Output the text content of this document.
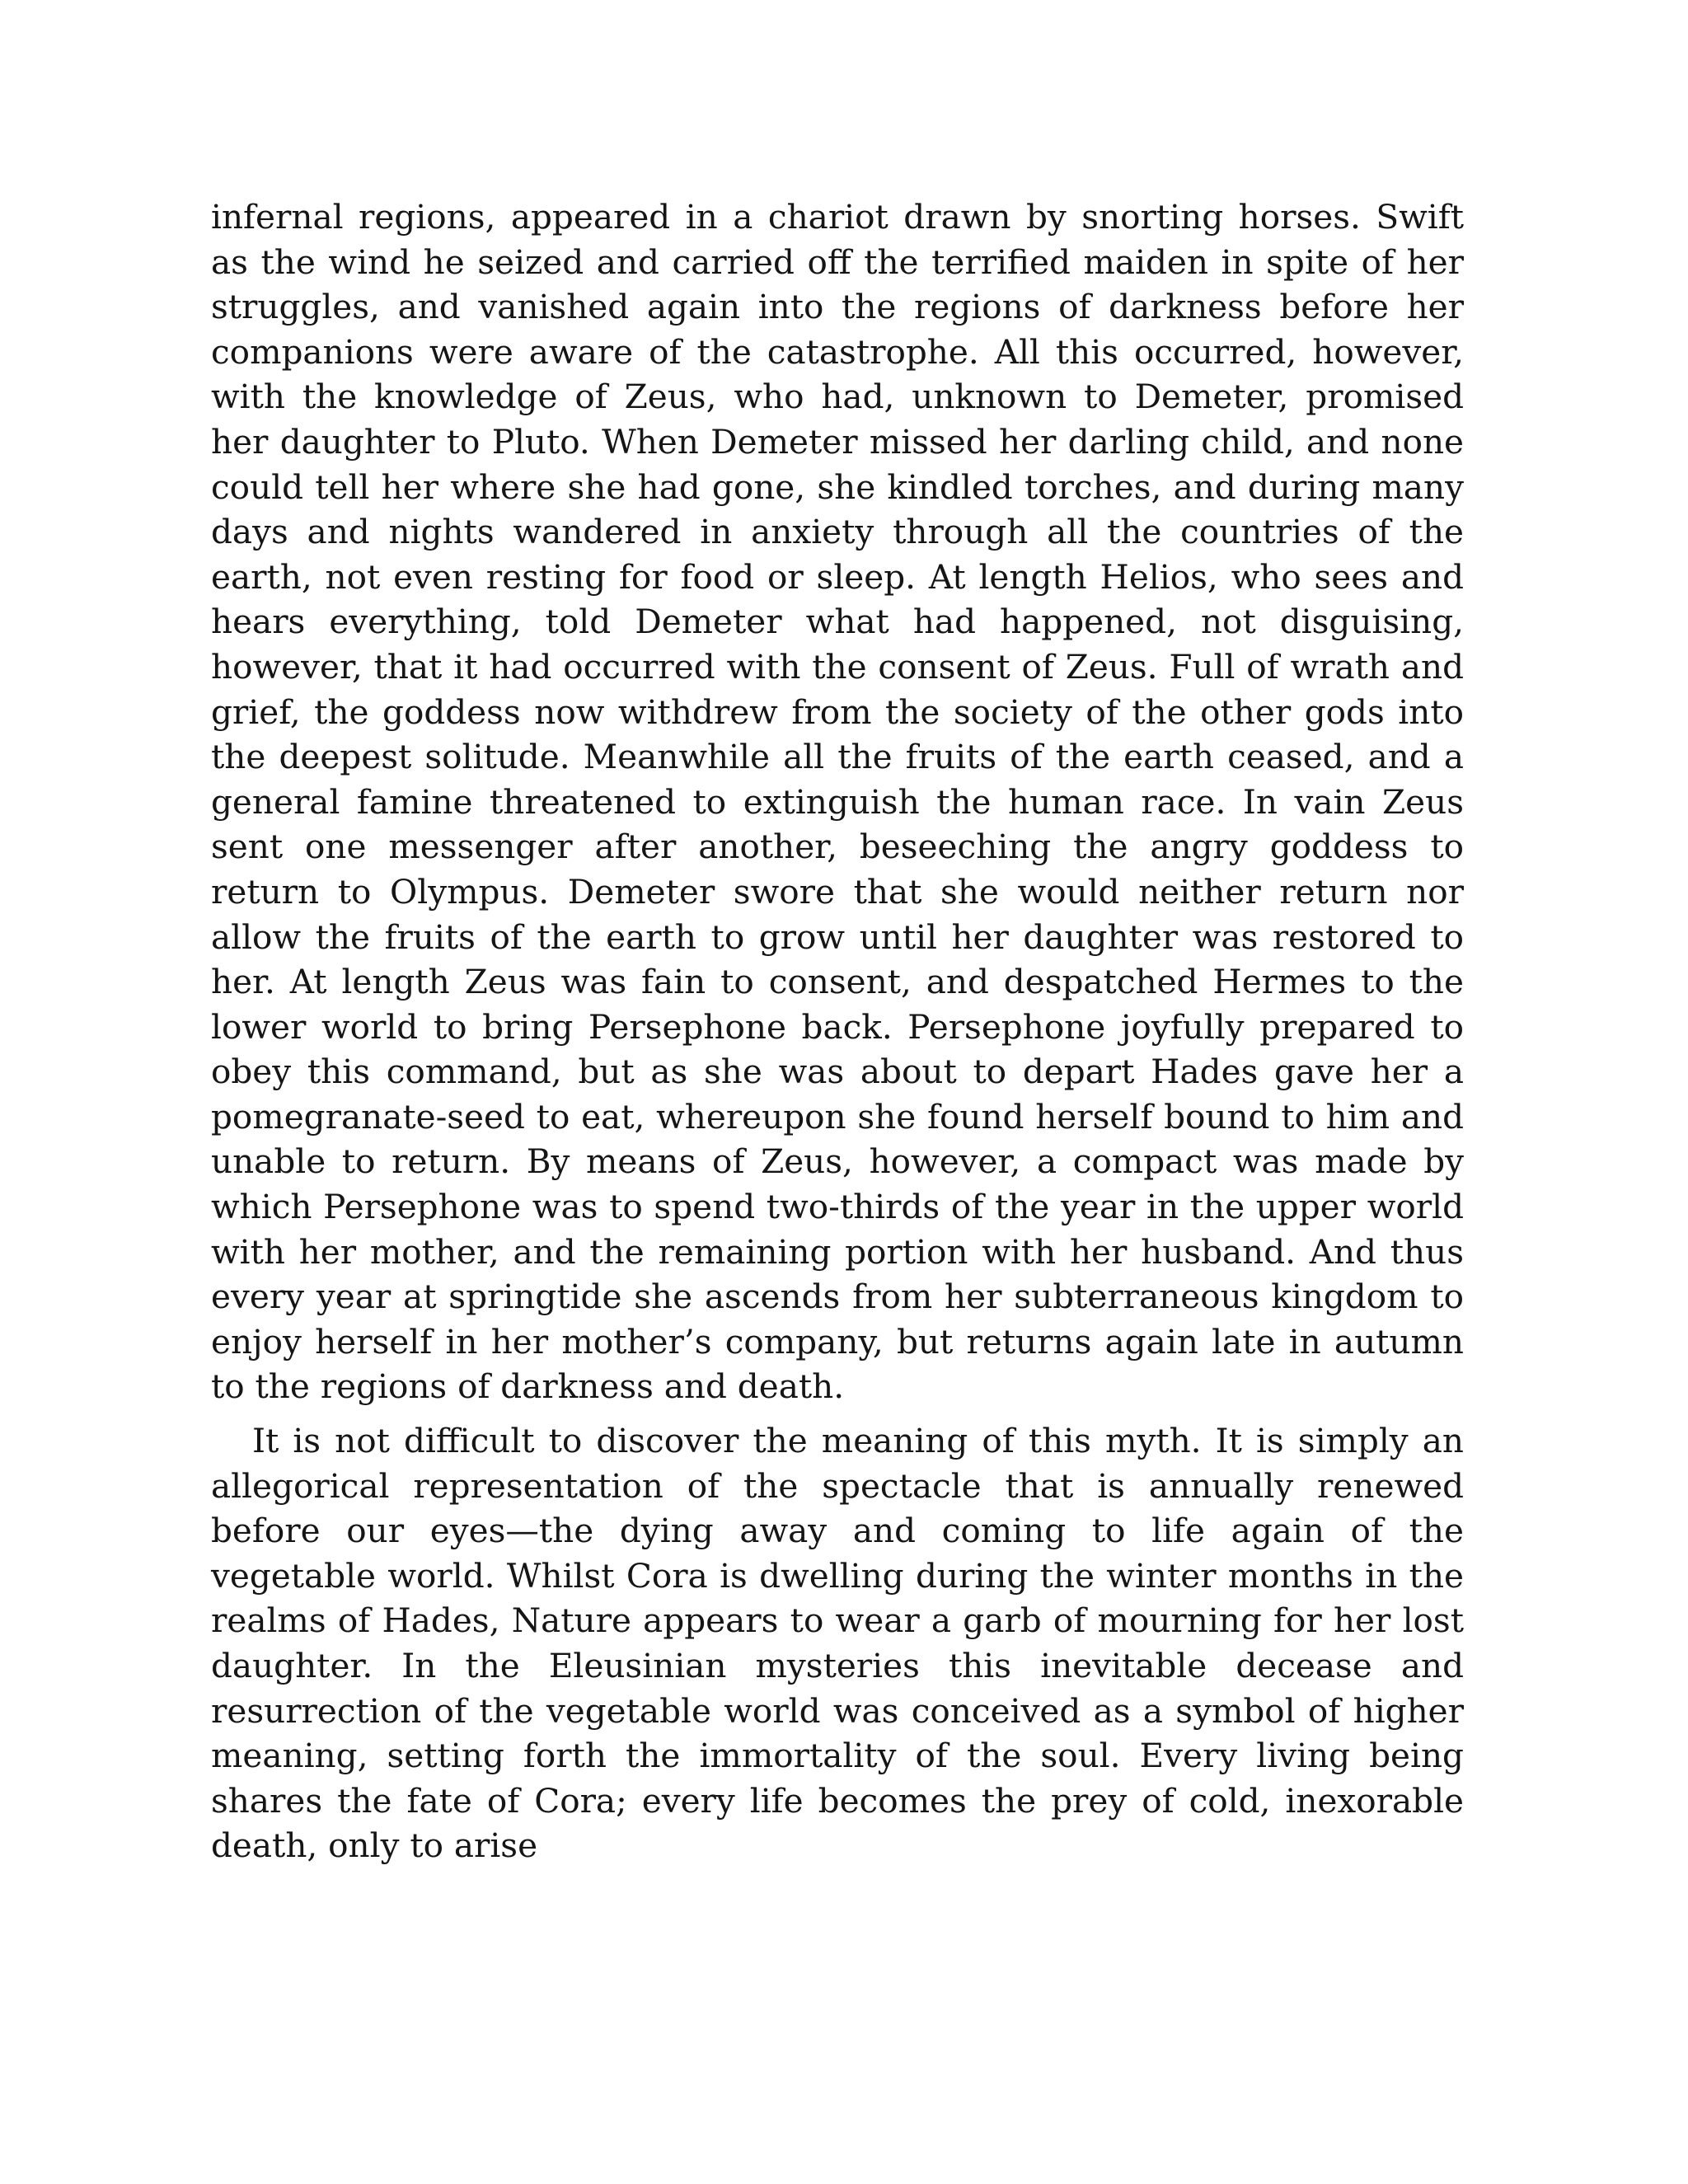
infernal regions, appeared in a chariot drawn by snorting horses. Swift as the wind he seized and carried off the terrified maiden in spite of her struggles, and vanished again into the regions of darkness before her companions were aware of the catastrophe. All this occurred, however, with the knowledge of Zeus, who had, unknown to Demeter, promised her daughter to Pluto. When Demeter missed her darling child, and none could tell her where she had gone, she kindled torches, and during many days and nights wandered in anxiety through all the countries of the earth, not even resting for food or sleep. At length Helios, who sees and hears everything, told Demeter what had happened, not disguising, however, that it had occurred with the consent of Zeus. Full of wrath and grief, the goddess now withdrew from the society of the other gods into the deepest solitude. Meanwhile all the fruits of the earth ceased, and a general famine threatened to extinguish the human race. In vain Zeus sent one messenger after another, beseeching the angry goddess to return to Olympus. Demeter swore that she would neither return nor allow the fruits of the earth to grow until her daughter was restored to her. At length Zeus was fain to consent, and despatched Hermes to the lower world to bring Persephone back. Persephone joyfully prepared to obey this command, but as she was about to depart Hades gave her a pomegranate-seed to eat, whereupon she found herself bound to him and unable to return. By means of Zeus, however, a compact was made by which Persephone was to spend two-thirds of the year in the upper world with her mother, and the remaining portion with her husband. And thus every year at springtide she ascends from her subterraneous kingdom to enjoy herself in her mother’s company, but returns again late in autumn to the regions of darkness and death.

It is not difficult to discover the meaning of this myth. It is simply an allegorical representation of the spectacle that is annually renewed before our eyes—the dying away and coming to life again of the vegetable world. Whilst Cora is dwelling during the winter months in the realms of Hades, Nature appears to wear a garb of mourning for her lost daughter. In the Eleusinian mysteries this inevitable decease and resurrection of the vegetable world was conceived as a symbol of higher meaning, setting forth the immortality of the soul. Every living being shares the fate of Cora; every life becomes the prey of cold, inexorable death, only to arise
